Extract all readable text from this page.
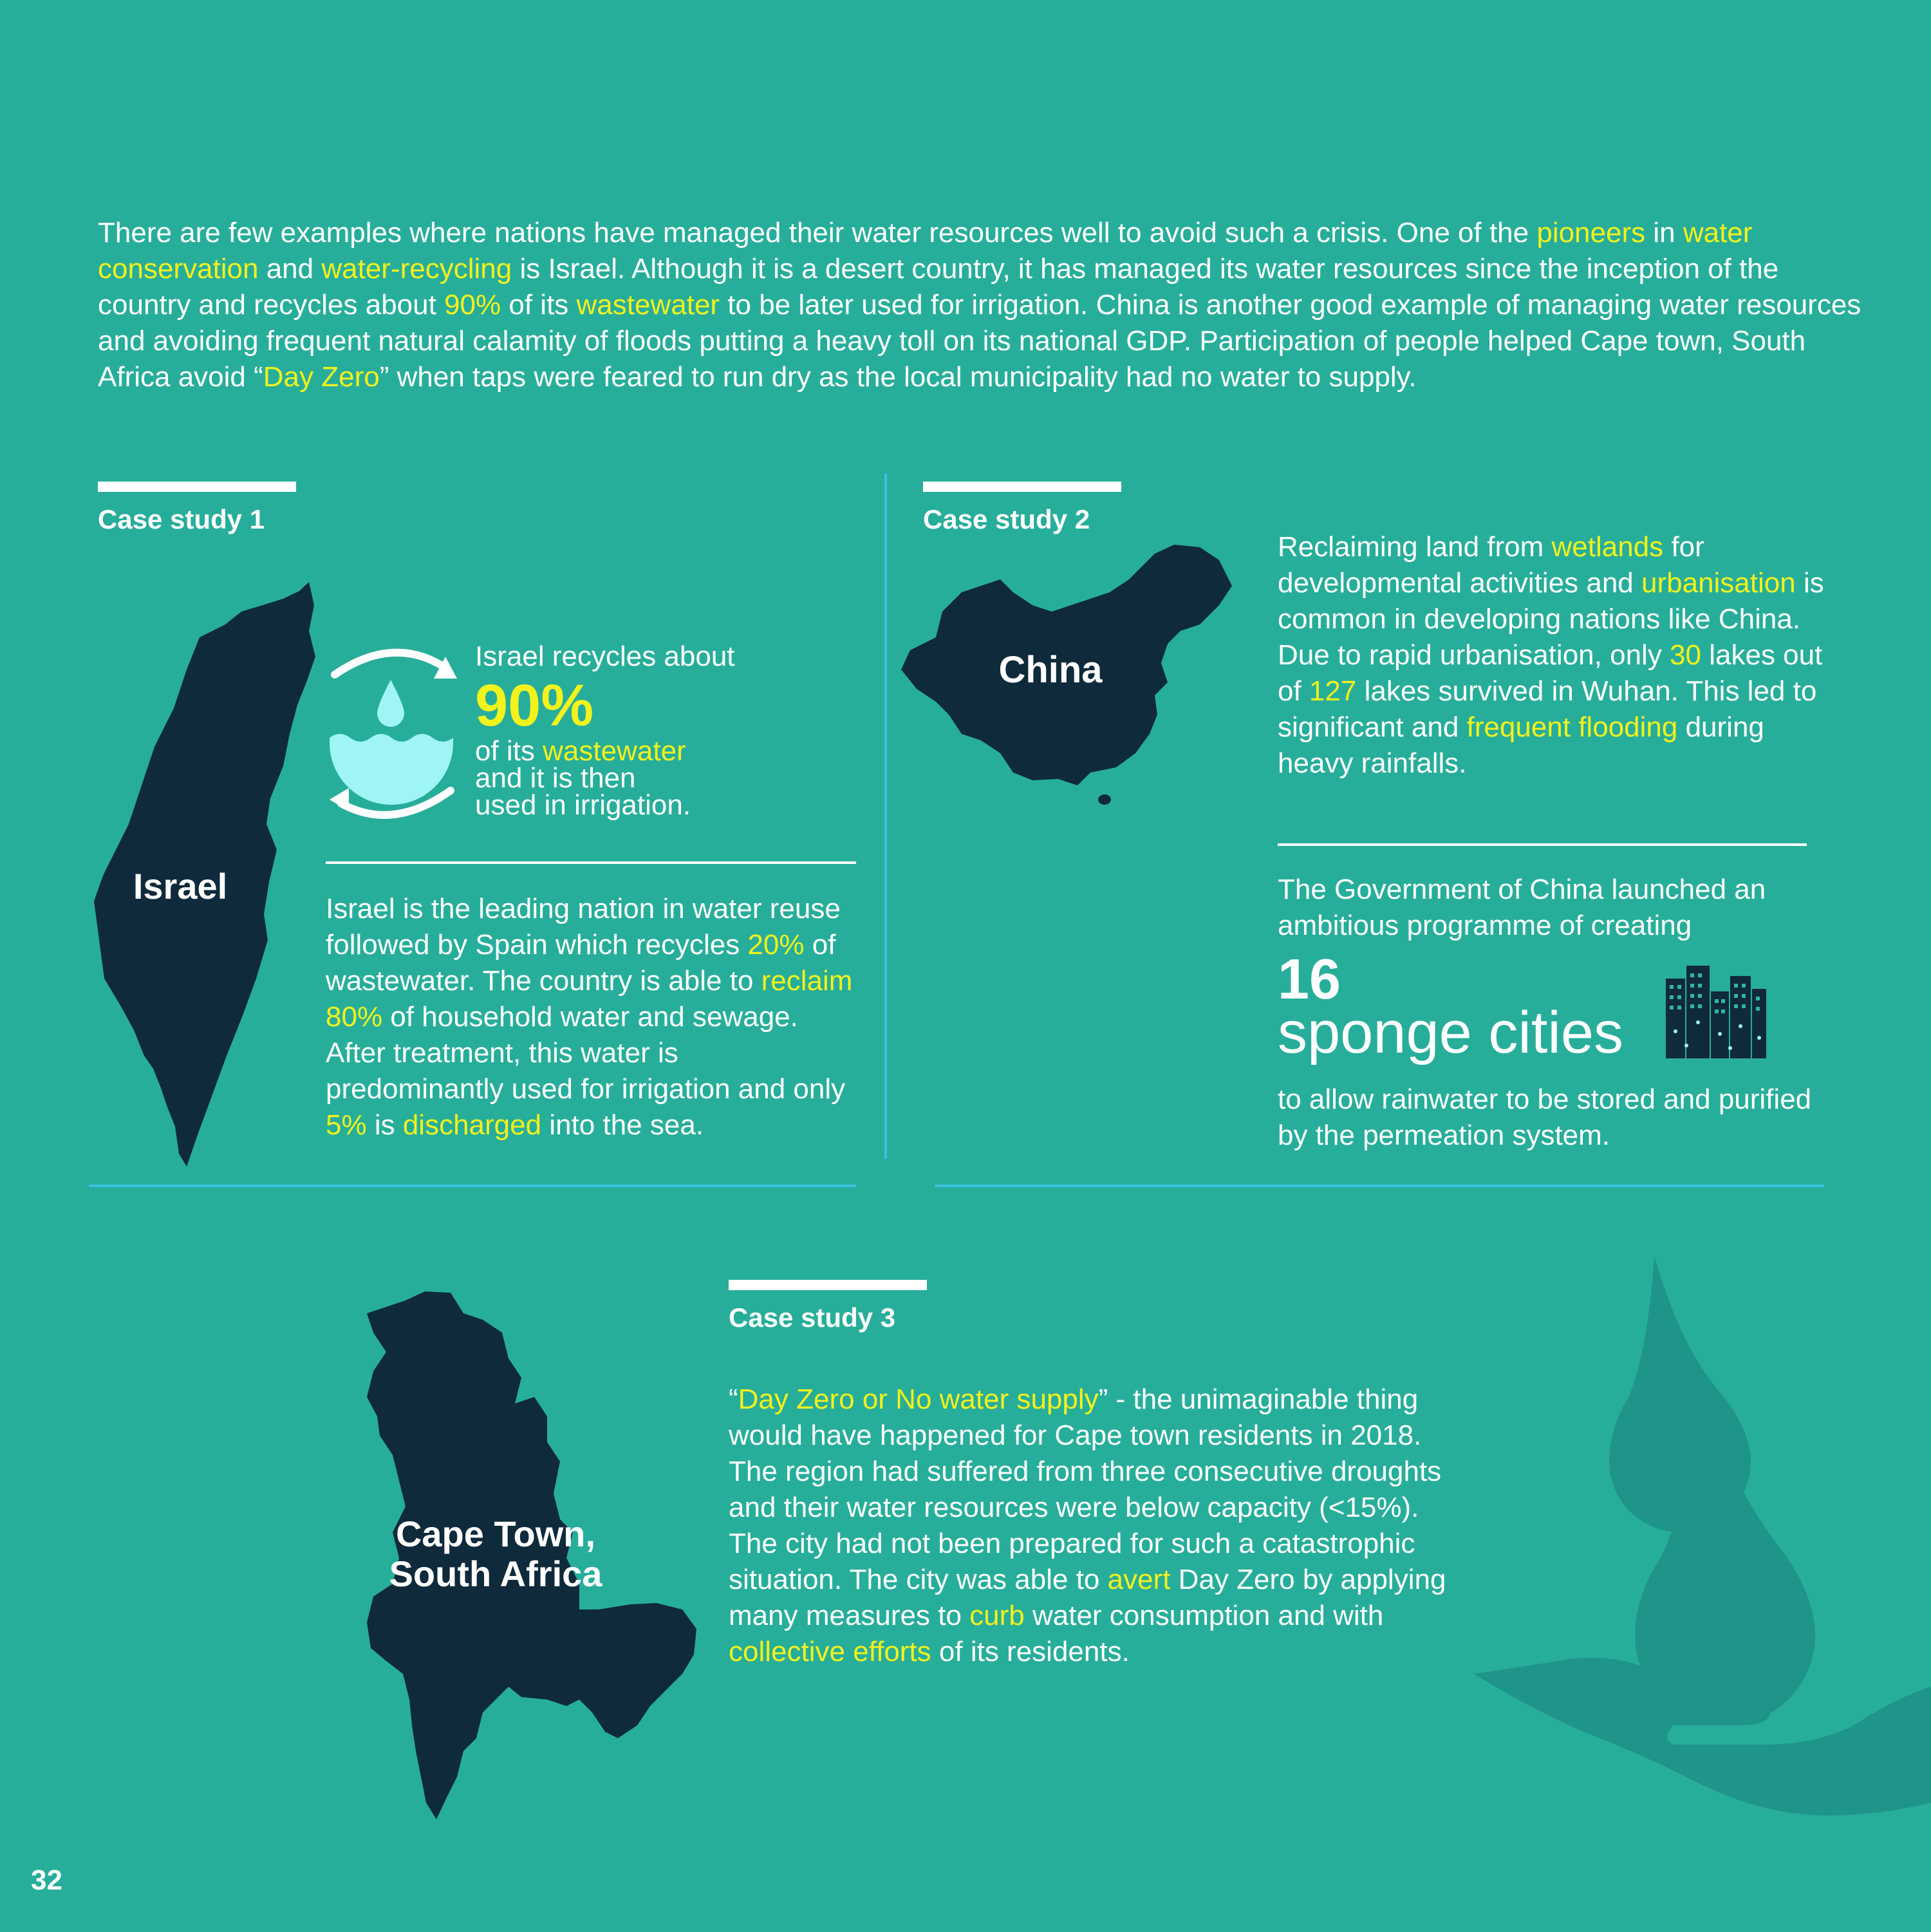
There are few examples where nations have managed their water resources well to avoid such a crisis. One of the pioneers in water conservation and water-recycling is Israel. Although it is a desert country, it has managed its water resources since the inception of the country and recycles about 90% of its wastewater to be later used for irrigation. China is another good example of managing water resources and avoiding frequent natural calamity of floods putting a heavy toll on its national GDP. Participation of people helped Cape town, South Africa avoid “Day Zero” when taps were feared to run dry as the local municipality had no water to supply.
Case study 1
Israel
Israel recycles about
90%
of its wastewater
and it is then
used in irrigation.
Israel is the leading nation in water reuse followed by Spain which recycles 20% of wastewater. The country is able to reclaim 80% of household water and sewage. After treatment, this water is predominantly used for irrigation and only 5% is discharged into the sea.
Case study 2
China
Reclaiming land from wetlands for developmental activities and urbanisation is common in developing nations like China. Due to rapid urbanisation, only 30 lakes out of 127 lakes survived in Wuhan. This led to significant and frequent flooding during heavy rainfalls.
The Government of China launched an ambitious programme of creating
16
sponge cities
to allow rainwater to be stored and purified by the permeation system.
Case study 3
Cape Town,
South Africa
“Day Zero or No water supply” - the unimaginable thing would have happened for Cape town residents in 2018. The region had suffered from three consecutive droughts and their water resources were below capacity (<15%). The city had not been prepared for such a catastrophic situation. The city was able to avert Day Zero by applying many measures to curb water consumption and with collective efforts of its residents.
32
